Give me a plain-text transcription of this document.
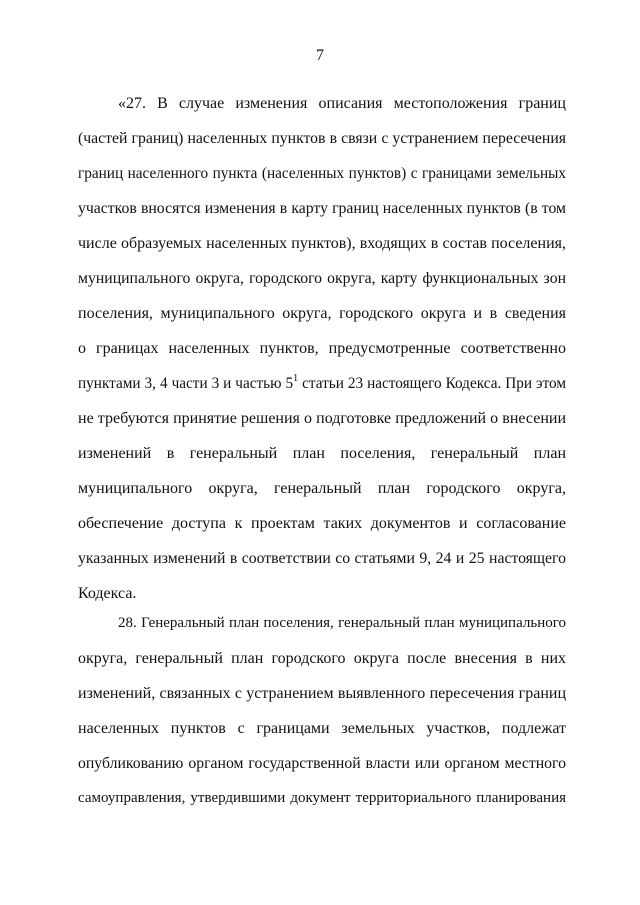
7
«27. В случае изменения описания местоположения границ
(частей границ) населенных пунктов в связи с устранением пересечения
границ населенного пункта (населенных пунктов) с границами земельных
участков вносятся изменения в карту границ населенных пунктов (в том
числе образуемых населенных пунктов), входящих в состав поселения,
муниципального округа, городского округа, карту функциональных зон
поселения, муниципального округа, городского округа и в сведения
о границах населенных пунктов, предусмотренные соответственно
пунктами 3, 4 части 3 и частью 5$^1$ статьи 23 настоящего Кодекса. При этом
не требуются принятие решения о подготовке предложений о внесении
изменений в генеральный план поселения, генеральный план
муниципального округа, генеральный план городского округа,
обеспечение доступа к проектам таких документов и согласование
указанных изменений в соответствии со статьями 9, 24 и 25 настоящего
Кодекса.
28. Генеральный план поселения, генеральный план муниципального
округа, генеральный план городского округа после внесения в них
изменений, связанных с устранением выявленного пересечения границ
населенных пунктов с границами земельных участков, подлежат
опубликованию органом государственной власти или органом местного
самоуправления, утвердившими документ территориального планирования
